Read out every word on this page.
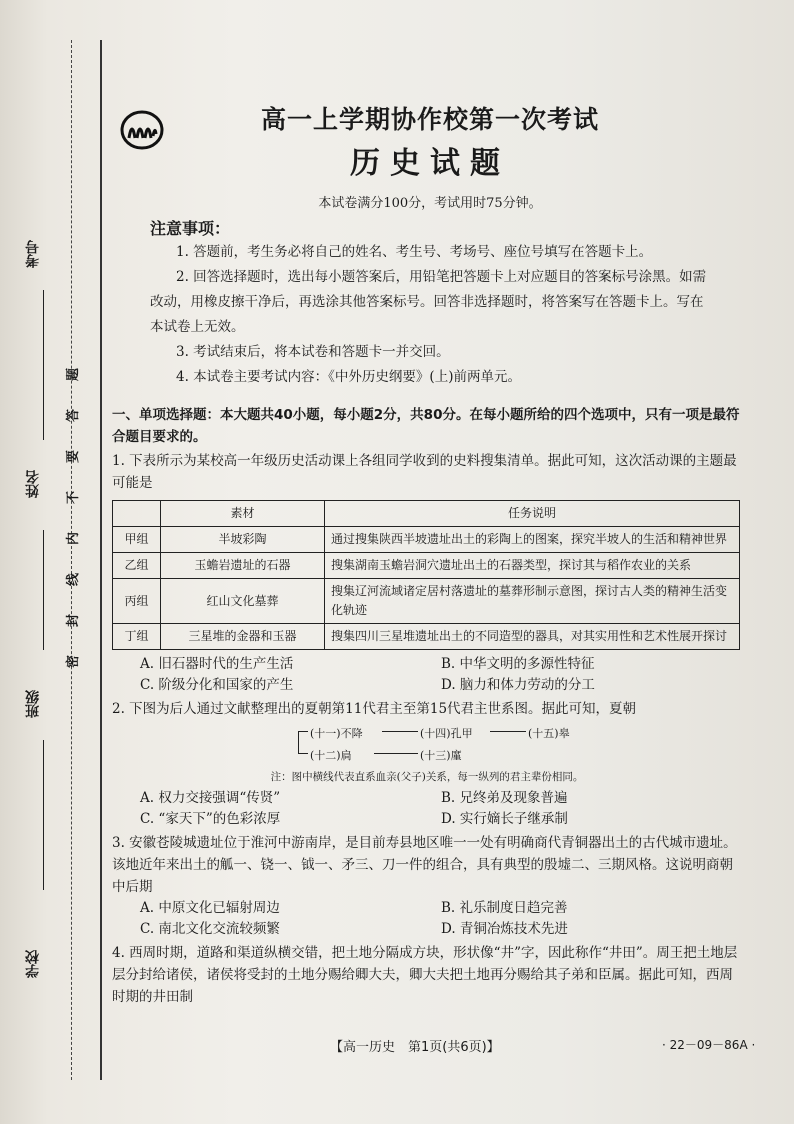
考号
姓名
班级
学校
题
答
要
不
内
线
封
密
高一上学期协作校第一次考试
历史试题
本试卷满分100分，考试用时75分钟。
注意事项：

1. 答题前，考生务必将自己的姓名、考生号、考场号、座位号填写在答题卡上。

2. 回答选择题时，选出每小题答案后，用铅笔把答题卡上对应题目的答案标号涂黑。如需改动，用橡皮擦干净后，再选涂其他答案标号。回答非选择题时，将答案写在答题卡上。写在本试卷上无效。

3. 考试结束后，将本试卷和答题卡一并交回。

4. 本试卷主要考试内容：《中外历史纲要》(上)前两单元。

一、单项选择题：本大题共40小题，每小题2分，共80分。在每小题所给的四个选项中，只有一项是最符合题目要求的。
1. 下表所示为某校高一年级历史活动课上各组同学收到的史料搜集清单。据此可知，这次活动课的主题最可能是
	素材	任务说明
甲组	半坡彩陶	通过搜集陕西半坡遗址出土的彩陶上的图案，探究半坡人的生活和精神世界
乙组	玉蟾岩遗址的石器	搜集湖南玉蟾岩洞穴遗址出土的石器类型，探讨其与稻作农业的关系
丙组	红山文化墓葬	搜集辽河流域诸定居村落遗址的墓葬形制示意图，探讨古人类的精神生活变化轨迹
丁组	三星堆的金器和玉器	搜集四川三星堆遗址出土的不同造型的器具，对其实用性和艺术性展开探讨
A. 旧石器时代的生产生活	B. 中华文明的多源性特征
C. 阶级分化和国家的产生	D. 脑力和体力劳动的分工
2. 下图为后人通过文献整理出的夏朝第11代君主至第15代君主世系图。据此可知，夏朝
(十一)不降	(十四)孔甲	(十五)皋
(十二)扃	(十三)廑
注：图中横线代表直系血亲(父子)关系，每一纵列的君主辈份相同。
A. 权力交接强调“传贤”	B. 兄终弟及现象普遍
C. “家天下”的色彩浓厚	D. 实行嫡长子继承制
3. 安徽苍陵城遗址位于淮河中游南岸，是目前寿县地区唯一一处有明确商代青铜器出土的古代城市遗址。该地近年来出土的觚一、铙一、钺一、矛三、刀一件的组合，具有典型的殷墟二、三期风格。这说明商朝中后期
A. 中原文化已辐射周边	B. 礼乐制度日趋完善
C. 南北文化交流较频繁	D. 青铜冶炼技术先进
4. 西周时期，道路和渠道纵横交错，把土地分隔成方块，形状像“井”字，因此称作“井田”。周王把土地层层分封给诸侯，诸侯将受封的土地分赐给卿大夫，卿大夫把土地再分赐给其子弟和臣属。据此可知，西周时期的井田制
【高一历史　第1页(共6页)】	· 22－09－86A ·
